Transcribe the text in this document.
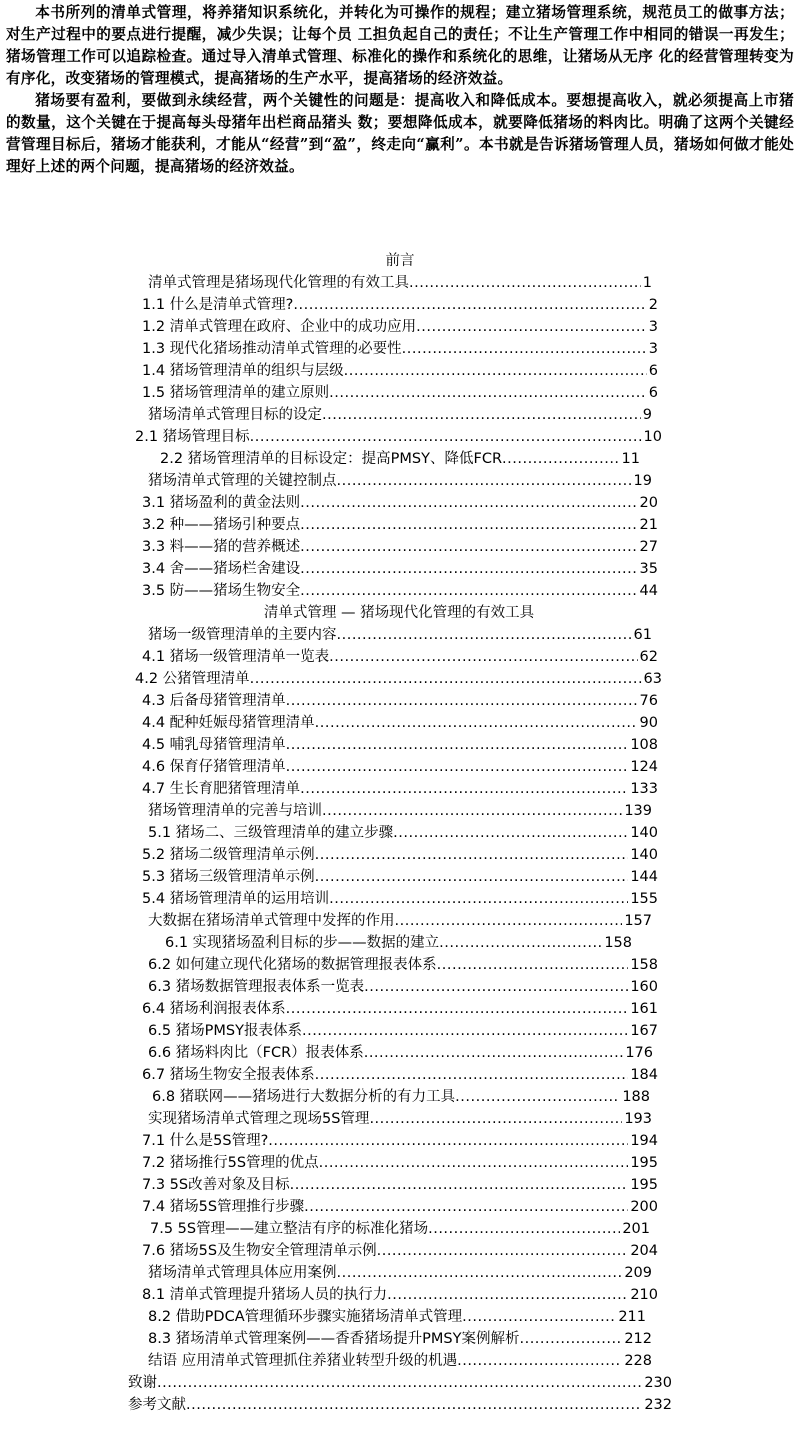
本书所列的清单式管理，将养猪知识系统化，并转化为可操作的规程；建立猪场管理系统，规范员工的做事方法；对生产过程中的要点进行提醒，减少失误；让每个员 工担负起自己的责任；不让生产管理工作中相同的错误一再发生；猪场管理工作可以追踪检查。通过导入清单式管理、标准化的操作和系统化的思维，让猪场从无序 化的经营管理转变为有序化，改变猪场的管理模式，提高猪场的生产水平，提高猪场的经济效益。

猪场要有盈利，要做到永续经营，两个关键性的问题是：提高收入和降低成本。要想提高收入，就必须提高上市猪的数量，这个关键在于提高每头母猪年出栏商品猪头 数；要想降低成本，就要降低猪场的料肉比。明确了这两个关键经营管理目标后，猪场才能获利，才能从“经营”到“盈”，终走向“赢利”。本书就是告诉猪场管理人员，猪场如何做才能处理好上述的两个问题，提高猪场的经济效益。

前言
清单式管理是猪场现代化管理的有效工具 .....	1
1.1 什么是清单式管理? .....	2
1.2 清单式管理在政府、企业中的成功应用 .....	3
1.3 现代化猪场推动清单式管理的必要性 .....	3
1.4 猪场管理清单的组织与层级 .....	6
1.5 猪场管理清单的建立原则 .....	6
猪场清单式管理目标的设定 .....	9
2.1 猪场管理目标 .....	10
2.2 猪场管理清单的目标设定：提高PMSY、降低FCR .....	11
猪场清单式管理的关键控制点 .....	19
3.1 猪场盈利的黄金法则 .....	20
3.2 种——猪场引种要点 .....	21
3.3 料——猪的营养概述 .....	27
3.4 舍——猪场栏舍建设 .....	35
3.5 防——猪场生物安全 .....	44
清单式管理 — 猪场现代化管理的有效工具
猪场一级管理清单的主要内容 .....	61
4.1 猪场一级管理清单一览表 .....	62
4.2 公猪管理清单 .....	63
4.3 后备母猪管理清单 .....	76
4.4 配种妊娠母猪管理清单 .....	90
4.5 哺乳母猪管理清单 .....	108
4.6 保育仔猪管理清单 .....	124
4.7 生长育肥猪管理清单 .....	133
猪场管理清单的完善与培训 .....	139
5.1 猪场二、三级管理清单的建立步骤 .....	140
5.2 猪场二级管理清单示例 .....	140
5.3 猪场三级管理清单示例 .....	144
5.4 猪场管理清单的运用培训 .....	155
大数据在猪场清单式管理中发挥的作用 .....	157
6.1 实现猪场盈利目标的步——数据的建立 .....	158
6.2 如何建立现代化猪场的数据管理报表体系 .....	158
6.3 猪场数据管理报表体系一览表 .....	160
6.4 猪场利润报表体系 .....	161
6.5 猪场PMSY报表体系 .....	167
6.6 猪场料肉比（FCR）报表体系 .....	176
6.7 猪场生物安全报表体系 .....	184
6.8 猪联网——猪场进行大数据分析的有力工具 .....	188
实现猪场清单式管理之现场5S管理 .....	193
7.1 什么是5S管理? .....	194
7.2 猪场推行5S管理的优点 .....	195
7.3 5S改善对象及目标 .....	195
7.4 猪场5S管理推行步骤 .....	200
7.5 5S管理——建立整洁有序的标准化猪场 .....	201
7.6 猪场5S及生物安全管理清单示例 .....	204
猪场清单式管理具体应用案例 .....	209
8.1 清单式管理提升猪场人员的执行力 .....	210
8.2 借助PDCA管理循环步骤实施猪场清单式管理 .....	211
8.3 猪场清单式管理案例——香香猪场提升PMSY案例解析 .....	212
结语 应用清单式管理抓住养猪业转型升级的机遇 .....	228
致谢 .....	230
参考文献 .....	232
